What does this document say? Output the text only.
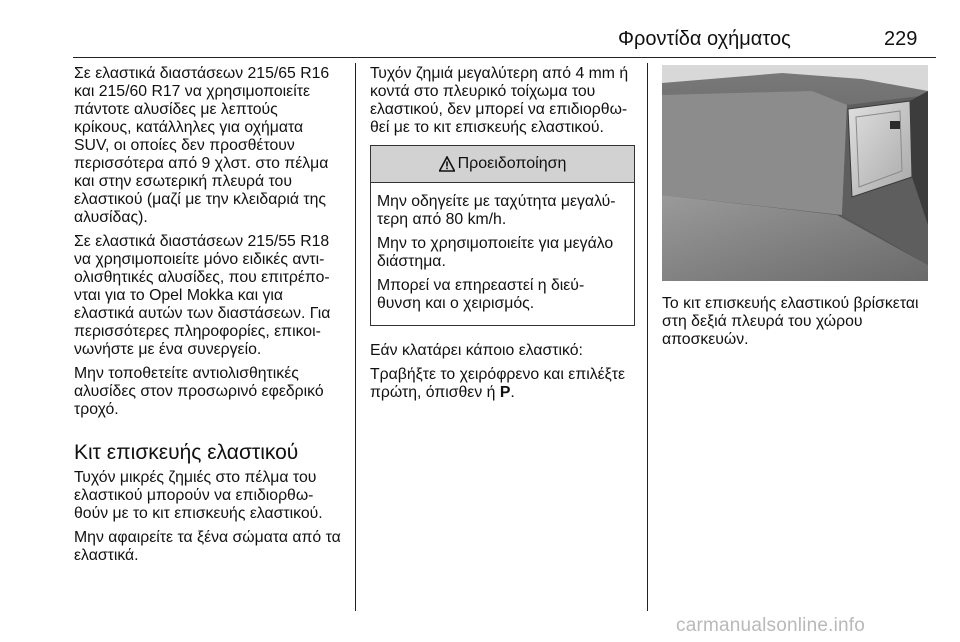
Φροντίδα οχήματος	229

Σε ελαστικά διαστάσεων 215/65 R16
και 215/60 R17 να χρησιμοποιείτε
πάντοτε αλυσίδες με λεπτούς
κρίκους, κατάλληλες για οχήματα
SUV, οι οποίες δεν προσθέτουν
περισσότερα από 9 χλστ. στο πέλμα
και στην εσωτερική πλευρά του
ελαστικού (μαζί με την κλειδαριά της
αλυσίδας).

Σε ελαστικά διαστάσεων 215/55 R18
να χρησιμοποιείτε μόνο ειδικές αντι-
ολισθητικές αλυσίδες, που επιτρέπο-
νται για το Opel Mokka και για
ελαστικά αυτών των διαστάσεων. Για
περισσότερες πληροφορίες, επικοι-
νωνήστε με ένα συνεργείο.

Μην τοποθετείτε αντιολισθητικές
αλυσίδες στον προσωρινό εφεδρικό
τροχό.

Κιτ επισκευής ελαστικού

Τυχόν μικρές ζημιές στο πέλμα του
ελαστικού μπορούν να επιδιορθω-
θούν με το κιτ επισκευής ελαστικού.

Μην αφαιρείτε τα ξένα σώματα από τα
ελαστικά.

Τυχόν ζημιά μεγαλύτερη από 4 mm ή
κοντά στο πλευρικό τοίχωμα του
ελαστικού, δεν μπορεί να επιδιορθω-
θεί με το κιτ επισκευής ελαστικού.

Προειδοποίηση

Μην οδηγείτε με ταχύτητα μεγαλύ-
τερη από 80 km/h.

Μην το χρησιμοποιείτε για μεγάλο
διάστημα.

Μπορεί να επηρεαστεί η διεύ-
θυνση και ο χειρισμός.

Εάν κλατάρει κάποιο ελαστικό:

Τραβήξτε το χειρόφρενο και επιλέξτε
πρώτη, όπισθεν ή P.

Το κιτ επισκευής ελαστικού βρίσκεται
στη δεξιά πλευρά του χώρου
αποσκευών.

carmanualsonline.info
